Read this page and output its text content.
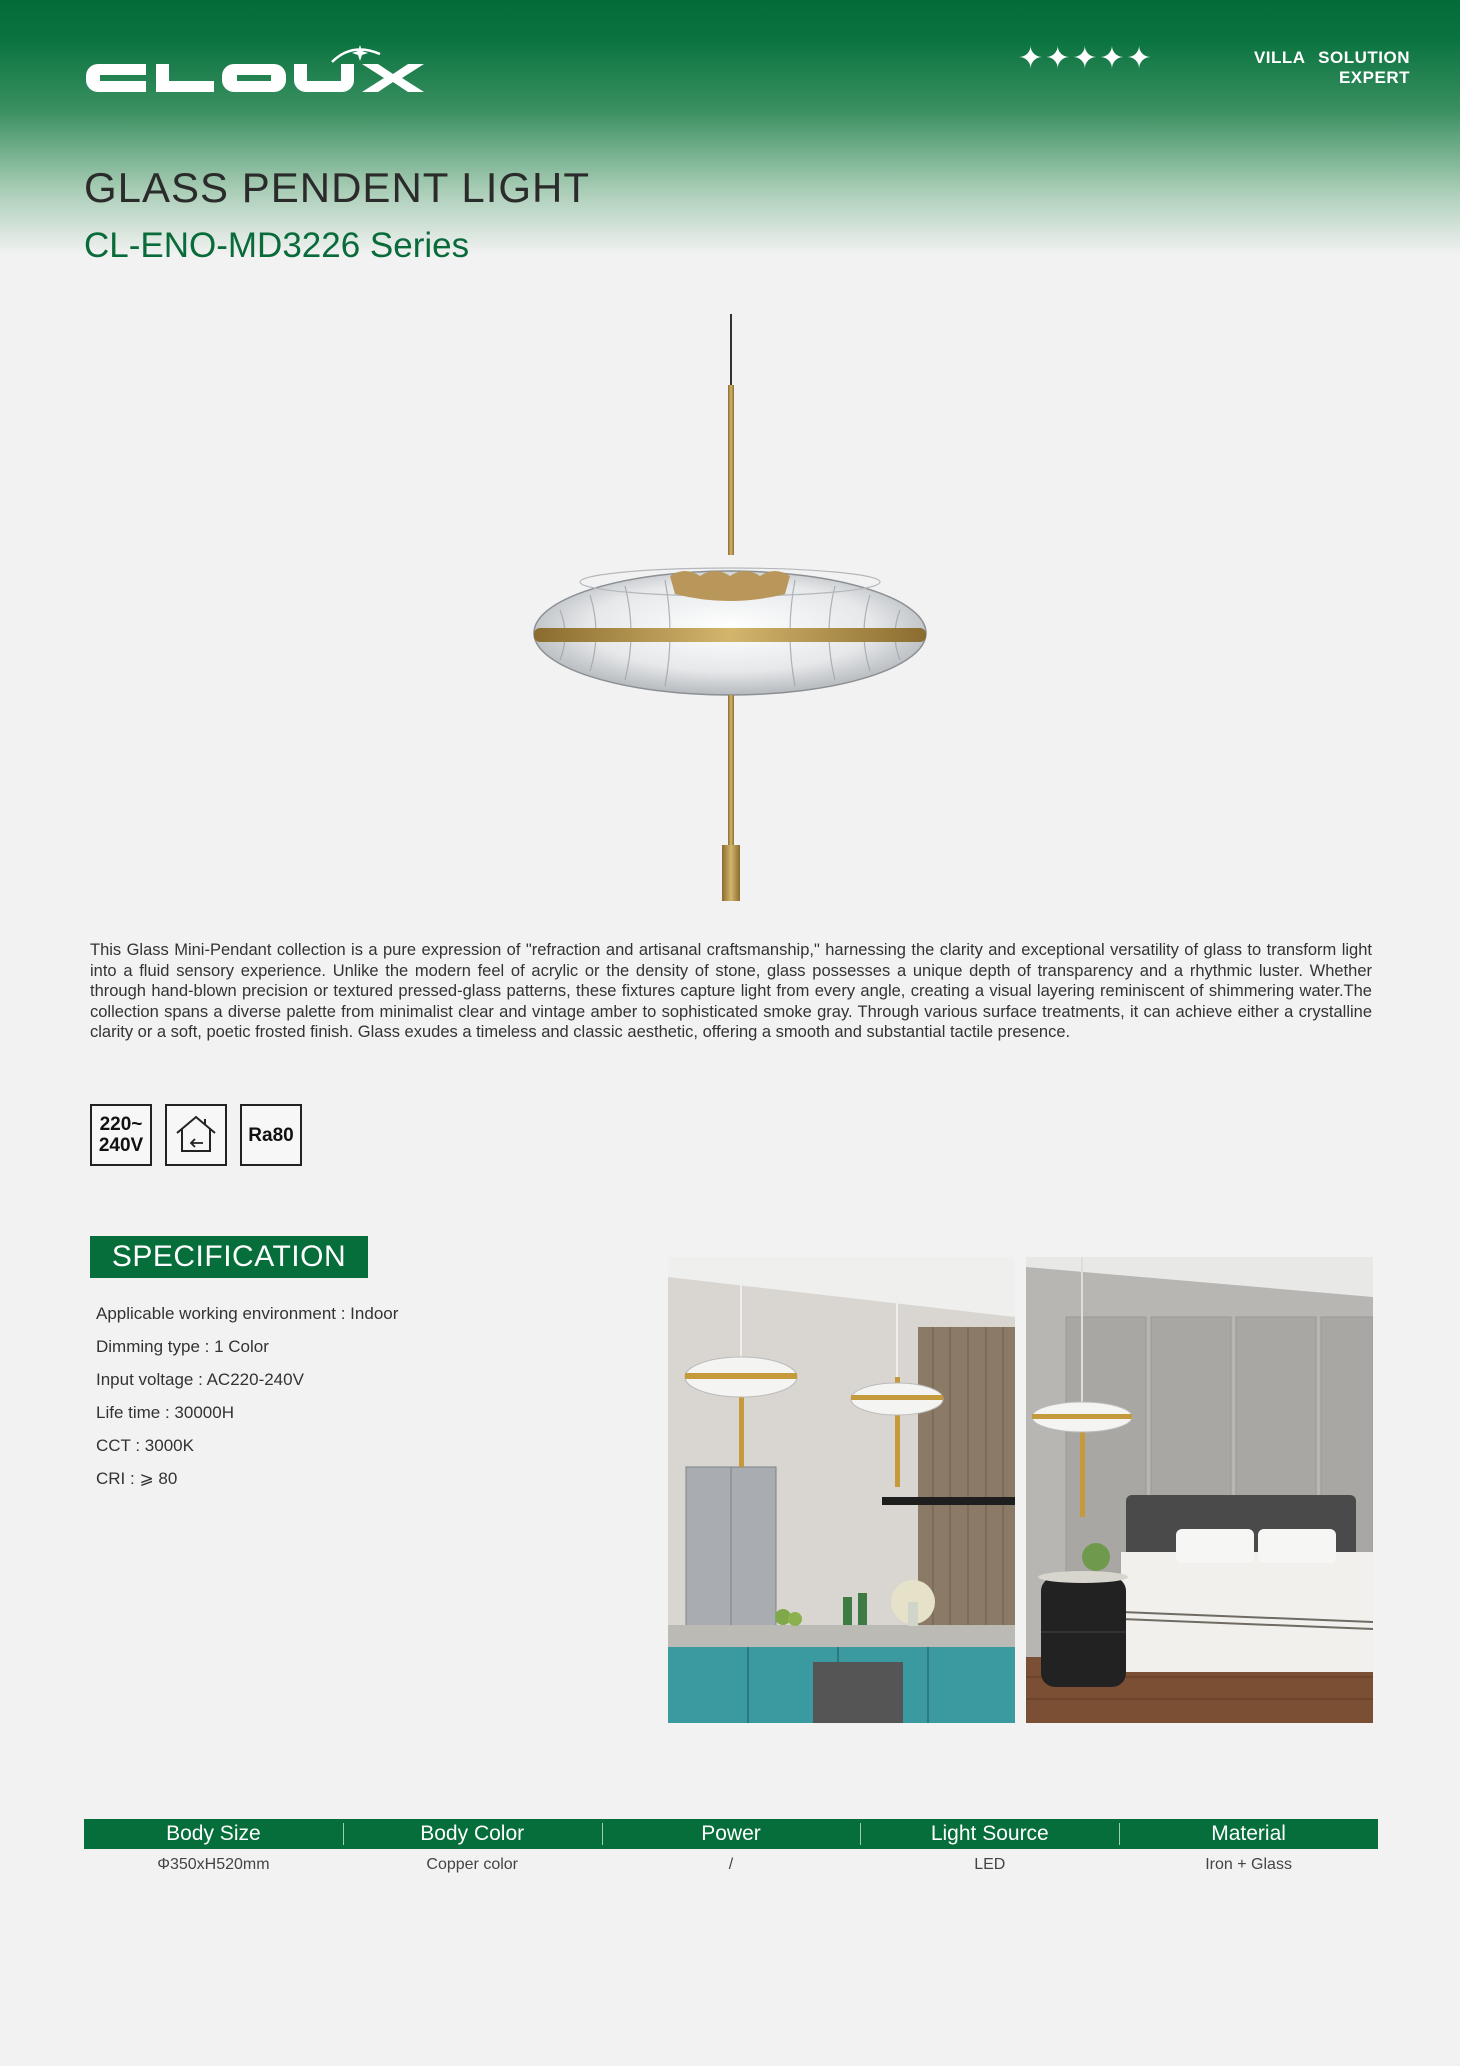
✦✦✦✦✦	VILLA SOLUTION EXPERT
GLASS PENDENT LIGHT
CL-ENO-MD3226 Series

This Glass Mini-Pendant collection is a pure expression of "refraction and artisanal craftsmanship," harnessing the clarity and exceptional versatility of glass to transform light into a fluid sensory experience. Unlike the modern feel of acrylic or the density of stone, glass possesses a unique depth of transparency and a rhythmic luster. Whether through hand-blown precision or textured pressed-glass patterns, these fixtures capture light from every angle, creating a visual layering reminiscent of shimmering water.The collection spans a diverse palette from minimalist clear and vintage amber to sophisticated smoke gray. Through various surface treatments, it can achieve either a crystalline clarity or a soft, poetic frosted finish. Glass exudes a timeless and classic aesthetic, offering a smooth and substantial tactile presence.

220~
240V	Ra80
SPECIFICATION
Applicable working environment : Indoor
Dimming type : 1 Color
Input voltage : AC220-240V
Life time : 30000H
CCT : 3000K
CRI : ⩾ 80
Body Size	Body Color	Power	Light Source	Material
Φ350xH520mm	Copper color	/	LED	Iron + Glass
